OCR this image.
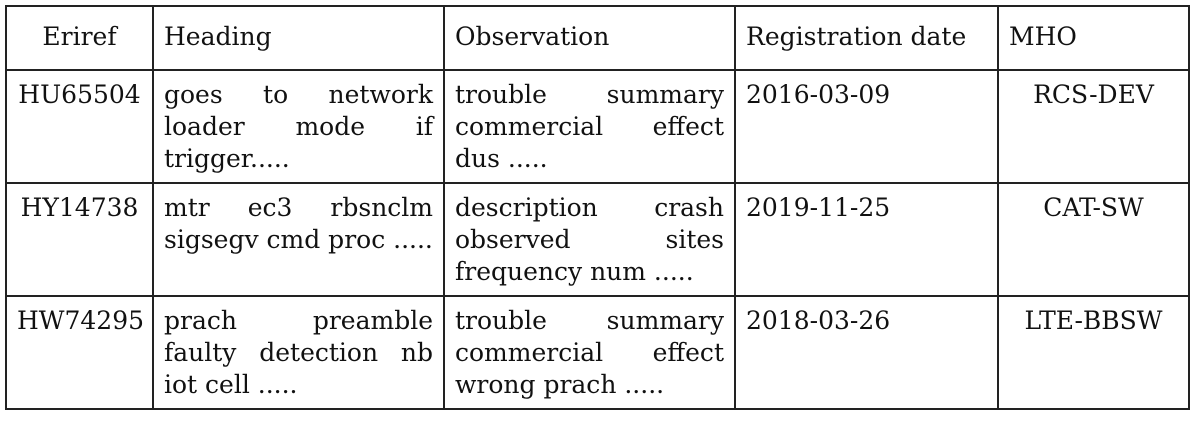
Eriref	Heading	Observation	Registration date	MHO
HU65504	goes to network loader mode if trigger.....	trouble summary commercial effect dus .....	2016-03-09	RCS-DEV
HY14738	mtr ec3 rbsnclm sigsegv cmd proc .....	description crash observed sites frequency num .....	2019-11-25	CAT-SW
HW74295	prach preamble faulty detection nb iot cell .....	trouble summary commercial effect wrong prach .....	2018-03-26	LTE-BBSW
